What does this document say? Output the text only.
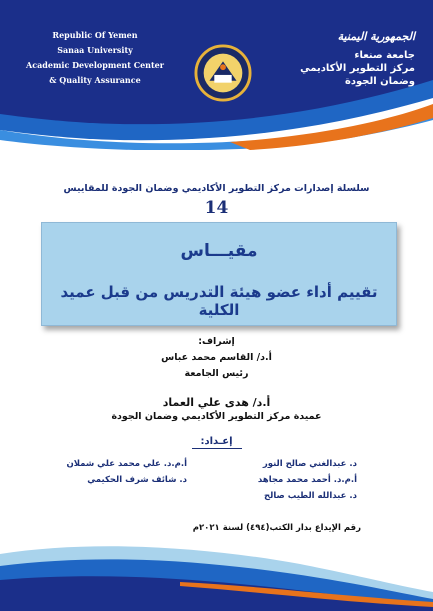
Republic Of Yemen
Sanaa University
Academic Development Center
& Quality Assurance
الجمهورية اليمنية
جامعة صنعاء
مركز التطوير الأكاديمي
وضمان الجودة
سلسلة إصدارات مركز التطوير الأكاديمي وضمان الجودة للمقاييس
14
مقيـــاس
تقييم أداء عضو هيئة التدريس من قبل عميد الكلية
إشراف:
أ.د/ القاسم محمد عباس
رئيس الجامعة
أ.د/ هدى علي العماد
عميدة مركز التطوير الأكاديمي وضمان الجودة
إعـداد:
د. عبدالغني صالح النور
أ.م.د. علي محمد علي شملان
أ.م.د. أحمد محمد مجاهد
د. شائف شرف الحكيمي
د. عبدالله الطيب صالح
رقم الإيداع بدار الكتب(٤٩٤) لسنة ٢٠٢١م
